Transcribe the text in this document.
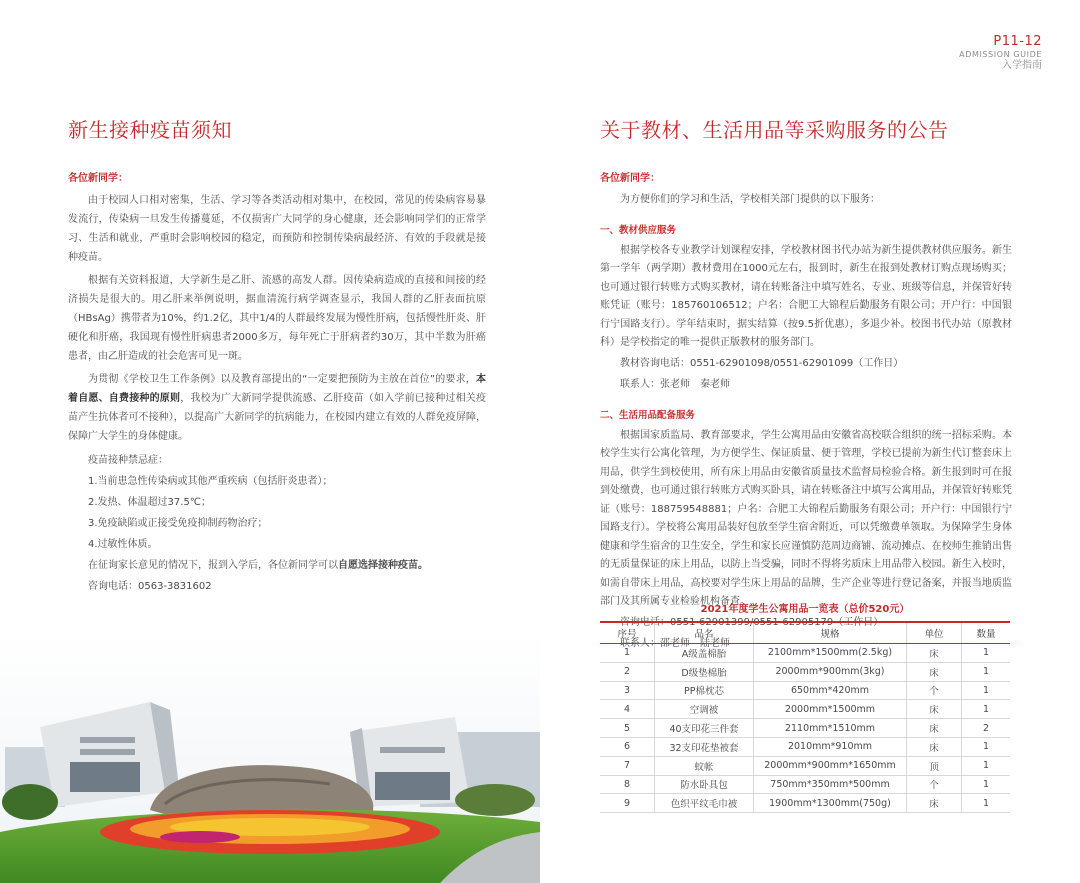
P11-12
ADMISSION GUIDE
入学指南
新生接种疫苗须知

各位新同学：

由于校园人口相对密集，生活、学习等各类活动相对集中，在校园，常见的传染病容易暴发流行，传染病一旦发生传播蔓延，不仅损害广大同学的身心健康，还会影响同学们的正常学习、生活和就业，严重时会影响校园的稳定，而预防和控制传染病最经济、有效的手段就是接种疫苗。

根据有关资料报道，大学新生是乙肝、流感的高发人群。因传染病造成的直接和间接的经济损失是很大的。用乙肝来举例说明，据血清流行病学调查显示，我国人群的乙肝表面抗原（HBsAg）携带者为10%，约1.2亿，其中1/4的人群最终发展为慢性肝病，包括慢性肝炎、肝硬化和肝癌，我国现有慢性肝病患者2000多万，每年死亡于肝病者约30万，其中半数为肝癌患者，由乙肝造成的社会危害可见一斑。

为贯彻《学校卫生工作条例》以及教育部提出的“一定要把预防为主放在首位”的要求，本着自愿、自费接种的原则，我校为广大新同学提供流感、乙肝疫苗（如入学前已接种过相关疫苗产生抗体者可不接种），以提高广大新同学的抗病能力，在校园内建立有效的人群免疫屏障，保障广大学生的身体健康。

疫苗接种禁忌症：

1.当前患急性传染病或其他严重疾病（包括肝炎患者）；

2.发热、体温超过37.5℃；

3.免疫缺陷或正接受免疫抑制药物治疗；

4.过敏性体质。

在征询家长意见的情况下，报到入学后，各位新同学可以自愿选择接种疫苗。

咨询电话：0563-3831602

关于教材、生活用品等采购服务的公告

各位新同学：

为方便你们的学习和生活，学校相关部门提供的以下服务：

一、教材供应服务

根据学校各专业教学计划课程安排，学校教材图书代办站为新生提供教材供应服务。新生第一学年（两学期）教材费用在1000元左右，报到时，新生在报到处教材订购点现场购买；也可通过银行转账方式购买教材，请在转账备注中填写姓名、专业、班级等信息，并保管好转账凭证（账号：185760106512；户名：合肥工大锦程后勤服务有限公司；开户行：中国银行宁国路支行）。学年结束时，据实结算（按9.5折优惠），多退少补。校图书代办站（原教材科）是学校指定的唯一提供正版教材的服务部门。

教材咨询电话：0551-62901098/0551-62901099（工作日）

联系人：张老师　秦老师

二、生活用品配备服务

根据国家质监局、教育部要求，学生公寓用品由安徽省高校联合组织的统一招标采购。本校学生实行公寓化管理，为方便学生、保证质量、便于管理，学校已提前为新生代订整套床上用品，供学生到校使用，所有床上用品由安徽省质量技术监督局检验合格。新生报到时可在报到处缴费，也可通过银行转账方式购买卧具，请在转账备注中填写公寓用品，并保管好转账凭证（账号：188759548881；户名：合肥工大锦程后勤服务有限公司；开户行：中国银行宁国路支行）。学校将公寓用品装好包放至学生宿舍附近，可以凭缴费单领取。为保障学生身体健康和学生宿舍的卫生安全，学生和家长应谨慎防范周边商铺、流动摊点、在校师生推销出售的无质量保证的床上用品，以防上当受骗，同时不得将劣质床上用品带入校园。新生入校时，如需自带床上用品，高校要对学生床上用品的品牌，生产企业等进行登记备案，并报当地质监部门及其所属专业检验机构备查。

咨询电话：0551-62901399/0551-62905179（工作日）

联系人：邵老师　陆老师

2021年度学生公寓用品一览表（总价520元）
序号	品名	规格	单位	数量
1	A级盖棉胎	2100mm*1500mm(2.5kg)	床	1
2	D级垫棉胎	2000mm*900mm(3kg)	床	1
3	PP棉枕芯	650mm*420mm	个	1
4	空调被	2000mm*1500mm	床	1
5	40支印花三件套	2110mm*1510mm	床	2
6	32支印花垫被套	2010mm*910mm	床	1
7	蚊帐	2000mm*900mm*1650mm	顶	1
8	防水卧具包	750mm*350mm*500mm	个	1
9	色织平纹毛巾被	1900mm*1300mm(750g)	床	1
